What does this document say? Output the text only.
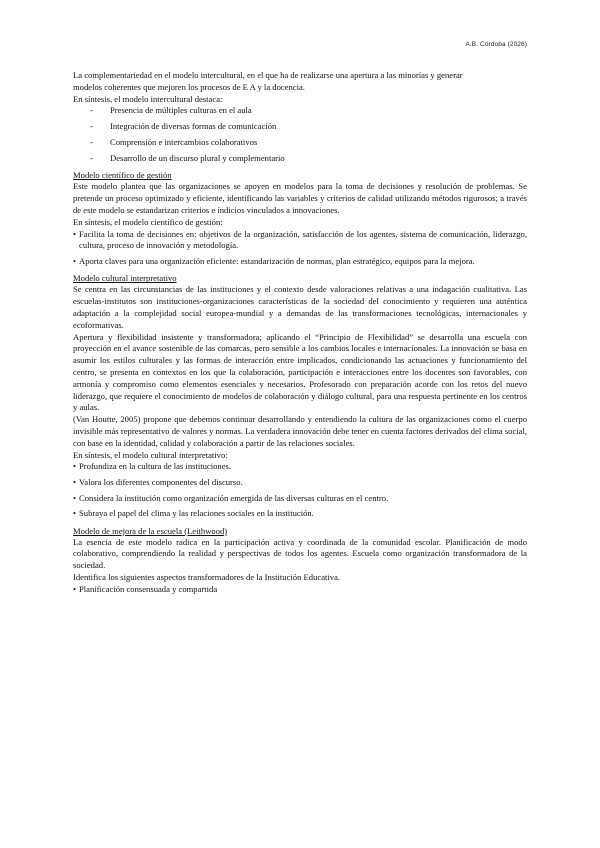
A.B. Córdoba (2026)

La complementariedad en el modelo intercultural, en el que ha de realizarse una apertura a las minorías y generar

modelos coherentes que mejoren los procesos de E A y la docencia.

En síntesis, el modelo intercultural destaca:

- Presencia de múltiples culturas en el aula
- Integración de diversas formas de comunicación
- Comprensión e intercambios colaborativos
- Desarrollo de un discurso plural y complementario

Modelo científico de gestión

Este modelo plantea que las organizaciones se apoyen en modelos para la toma de decisiones y resolución de problemas. Se pretende un proceso optimizado y eficiente, identificando las variables y criterios de calidad utilizando métodos rigurosos; a través de este modelo se estandarizan criterios e índicios vinculados a innovaciones.

En síntesis, el modelo científico de gestión:

• Facilita la toma de decisiones en: objetivos de la organización, satisfacción de los agentes, sistema de comunicación, liderazgo, cultura, proceso de innovación y metodología.
• Aporta claves para una organización eficiente: estandarización de normas, plan estratégico, equipos para la mejora.

Modelo cultural interpretativo

Se centra en las circunstancias de las instituciones y el contexto desde valoraciones relativas a una indagación cualitativa. Las escuelas-institutos son instituciones-organizaciones características de la sociedad del conocimiento y requieren una auténtica adaptación a la complejidad social europea-mundial y a demandas de las transformaciones tecnológicas, internacionales y ecoformativas.

Apertura y flexibilidad insistente y transformadora; aplicando el “Principio de Flexibilidad” se desarrolla una escuela con proyección en el avance sostenible de las comarcas, pero sensible a los cambios locales e internacionales. La innovación se basa en asumir los estilos culturales y las formas de interacción entre implicados, condicionando las actuaciones y funcionamiento del centro, se presenta en contextos en los que la colaboración, participación e interacciones entre los docentes son favorables, con armonía y compromiso como elementos esenciales y necesarios. Profesorado con preparación acorde con los retos del nuevo liderazgo, que requiere el conocimiento de modelos de colaboración y diálogo cultural, para una respuesta pertinente en los centros y aulas.

(Van Houtte, 2005) propone que debemos continuar desarrollando y entendiendo la cultura de las organizaciones como el cuerpo invisible más representativo de valores y normas. La verdadera innovación debe tener en cuenta factores derivados del clima social, con base en la identidad, calidad y colaboración a partir de las relaciones sociales.

En síntesis, el modelo cultural interpretativo:

• Profundiza en la cultura de las instituciones.
• Valora los diferentes componentes del discurso.
• Considera la institución como organización emergida de las diversas culturas en el centro.
• Subraya el papel del clima y las relaciones sociales en la institución.

Modelo de mejora de la escuela (Leithwood)

La esencia de este modelo radica en la participación activa y coordinada de la comunidad escolar. Planificación de modo colaborativo, comprendiendo la realidad y perspectivas de todos los agentes. Escuela como organización transformadora de la sociedad.

Identifica los siguientes aspectos transformadores de la Institución Educativa.

• Planificación consensuada y compartida
